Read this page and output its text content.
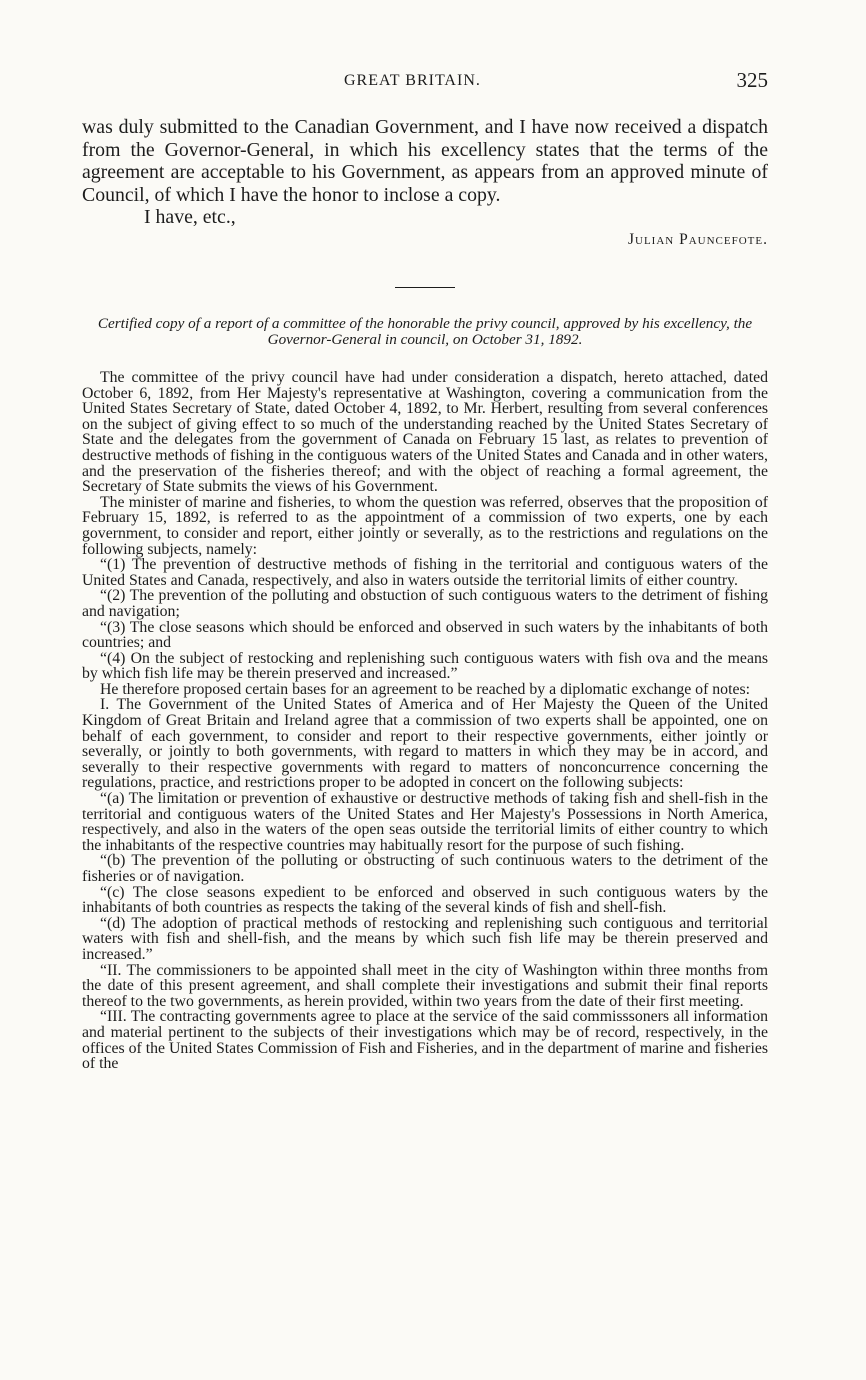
GREAT BRITAIN.	325

was duly submitted to the Canadian Government, and I have now received a dispatch from the Governor-General, in which his excellency states that the terms of the agreement are acceptable to his Government, as appears from an approved minute of Council, of which I have the honor to inclose a copy.

I have, etc.,

Julian Pauncefote.

Certified copy of a report of a committee of the honorable the privy council, approved by his excellency, the Governor-General in council, on October 31, 1892.

The committee of the privy council have had under consideration a dispatch, hereto attached, dated October 6, 1892, from Her Majesty's representative at Washington, covering a communication from the United States Secretary of State, dated October 4, 1892, to Mr. Herbert, resulting from several conferences on the subject of giving effect to so much of the understanding reached by the United States Secretary of State and the delegates from the government of Canada on February 15 last, as relates to prevention of destructive methods of fishing in the contiguous waters of the United States and Canada and in other waters, and the preservation of the fisheries thereof; and with the object of reaching a formal agreement, the Secretary of State submits the views of his Government.

The minister of marine and fisheries, to whom the question was referred, observes that the proposition of February 15, 1892, is referred to as the appointment of a commission of two experts, one by each government, to consider and report, either jointly or severally, as to the restrictions and regulations on the following subjects, namely:

“(1) The prevention of destructive methods of fishing in the territorial and contiguous waters of the United States and Canada, respectively, and also in waters outside the territorial limits of either country.

“(2) The prevention of the polluting and obstuction of such contiguous waters to the detriment of fishing and navigation;

“(3) The close seasons which should be enforced and observed in such waters by the inhabitants of both countries; and

“(4) On the subject of restocking and replenishing such contiguous waters with fish ova and the means by which fish life may be therein preserved and increased.”

He therefore proposed certain bases for an agreement to be reached by a diplomatic exchange of notes:

I. The Government of the United States of America and of Her Majesty the Queen of the United Kingdom of Great Britain and Ireland agree that a commission of two experts shall be appointed, one on behalf of each government, to consider and report to their respective governments, either jointly or severally, or jointly to both governments, with regard to matters in which they may be in accord, and severally to their respective governments with regard to matters of nonconcurrence concerning the regulations, practice, and restrictions proper to be adopted in concert on the following subjects:

“(a) The limitation or prevention of exhaustive or destructive methods of taking fish and shell-fish in the territorial and contiguous waters of the United States and Her Majesty's Possessions in North America, respectively, and also in the waters of the open seas outside the territorial limits of either country to which the inhabitants of the respective countries may habitually resort for the purpose of such fishing.

“(b) The prevention of the polluting or obstructing of such continuous waters to the detriment of the fisheries or of navigation.

“(c) The close seasons expedient to be enforced and observed in such contiguous waters by the inhabitants of both countries as respects the taking of the several kinds of fish and shell-fish.

“(d) The adoption of practical methods of restocking and replenishing such contiguous and territorial waters with fish and shell-fish, and the means by which such fish life may be therein preserved and increased.”

“II. The commissioners to be appointed shall meet in the city of Washington within three months from the date of this present agreement, and shall complete their investigations and submit their final reports thereof to the two governments, as herein provided, within two years from the date of their first meeting.

“III. The contracting governments agree to place at the service of the said commisssoners all information and material pertinent to the subjects of their investigations which may be of record, respectively, in the offices of the United States Commission of Fish and Fisheries, and in the department of marine and fisheries of the
